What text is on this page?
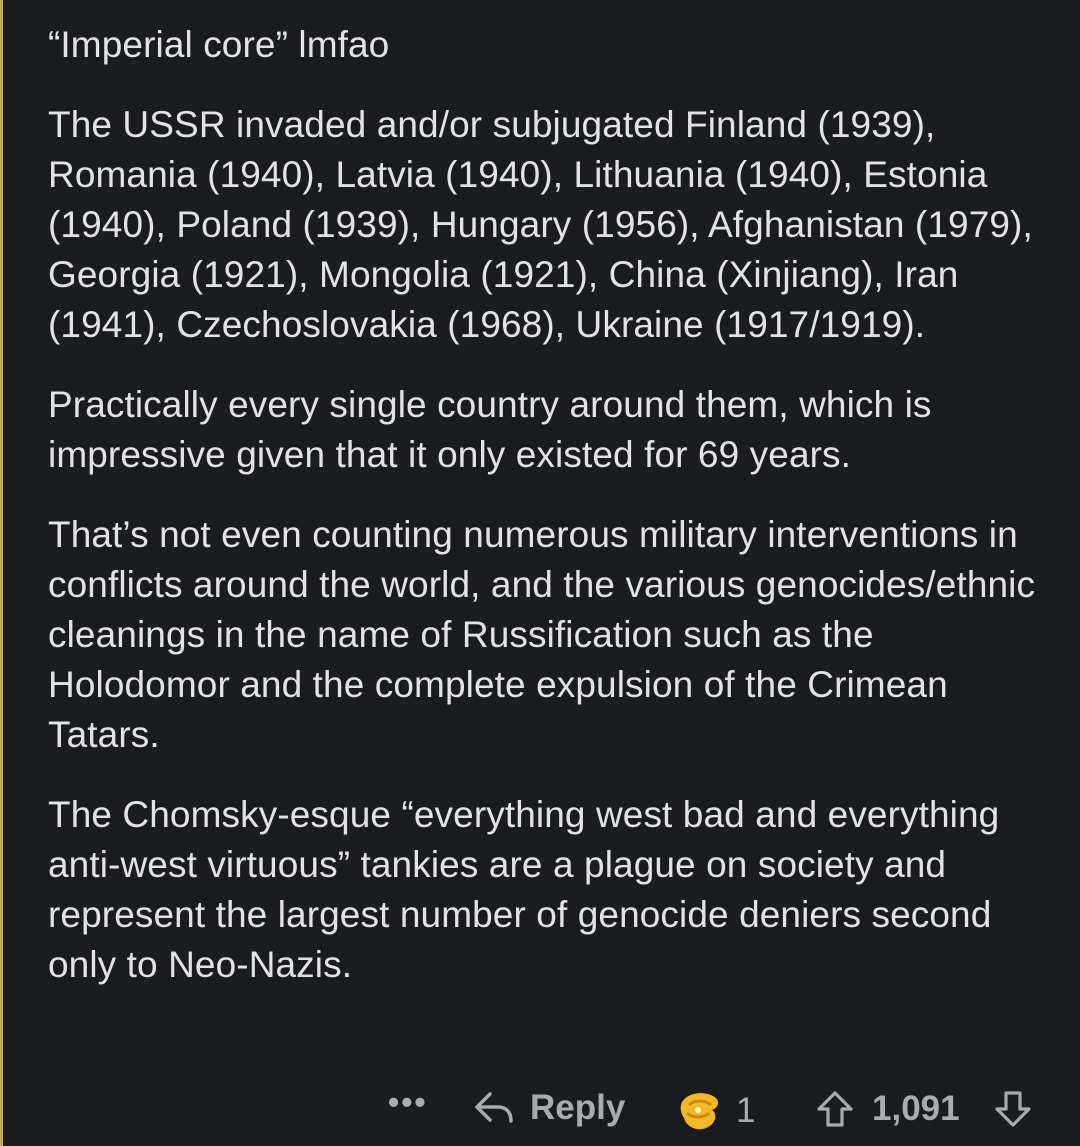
“Imperial core” lmfao

The USSR invaded and/or subjugated Finland (1939), Romania (1940), Latvia (1940), Lithuania (1940), Estonia (1940), Poland (1939), Hungary (1956), Afghanistan (1979), Georgia (1921), Mongolia (1921), China (Xinjiang), Iran (1941), Czechoslovakia (1968), Ukraine (1917/1919).

Practically every single country around them, which is impressive given that it only existed for 69 years.

That’s not even counting numerous military interventions in conflicts around the world, and the various genocides/ethnic cleanings in the name of Russification such as the Holodomor and the complete expulsion of the Crimean Tatars.

The Chomsky-esque “everything west bad and everything anti-west virtuous” tankies are a plague on society and represent the largest number of genocide deniers second only to Neo-Nazis.

•••	Reply	1	1,091
